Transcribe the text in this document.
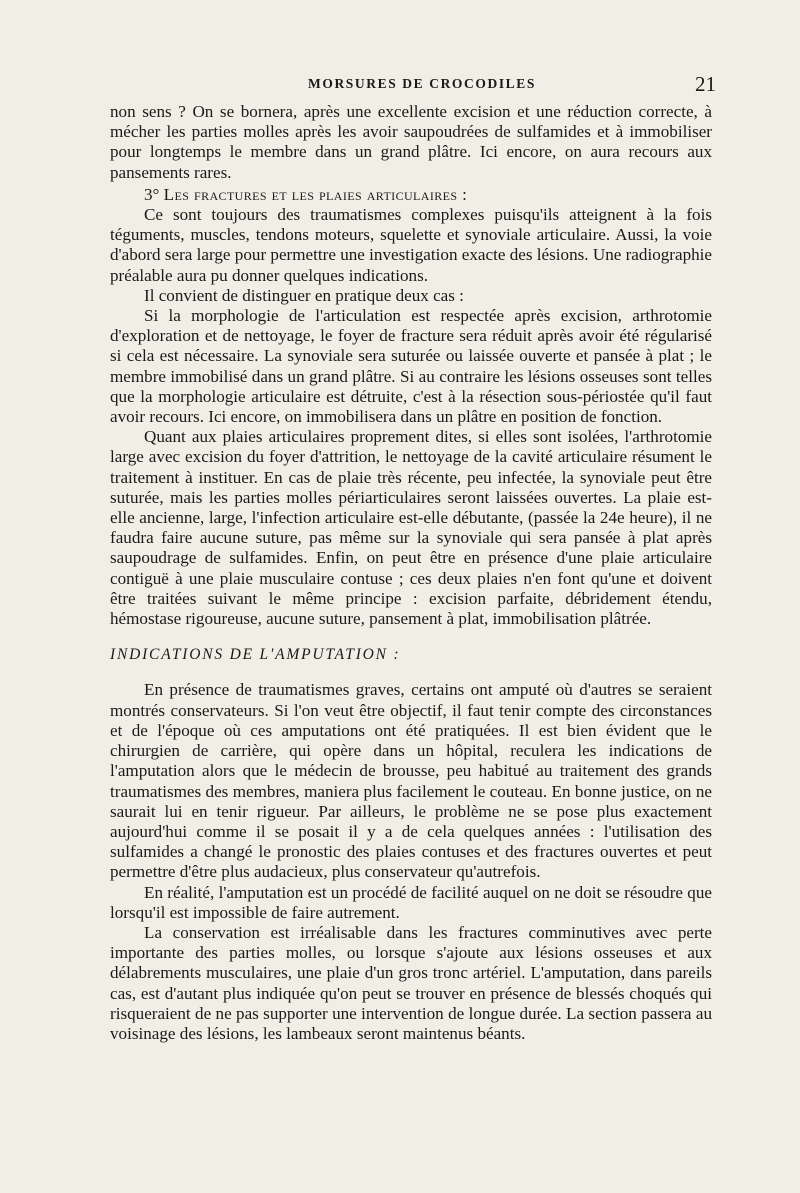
MORSURES DE CROCODILES	21

non sens ? On se bornera, après une excellente excision et une réduction correcte, à mécher les parties molles après les avoir saupoudrées de sulfamides et à immobiliser pour longtemps le membre dans un grand plâtre. Ici encore, on aura recours aux pansements rares.

3° Les fractures et les plaies articulaires :

Ce sont toujours des traumatismes complexes puisqu'ils atteignent à la fois téguments, muscles, tendons moteurs, squelette et synoviale articulaire. Aussi, la voie d'abord sera large pour permettre une investigation exacte des lésions. Une radiographie préalable aura pu donner quelques indications.

Il convient de distinguer en pratique deux cas :

Si la morphologie de l'articulation est respectée après excision, arthrotomie d'exploration et de nettoyage, le foyer de fracture sera réduit après avoir été régularisé si cela est nécessaire. La synoviale sera suturée ou laissée ouverte et pansée à plat ; le membre immobilisé dans un grand plâtre. Si au contraire les lésions osseuses sont telles que la morphologie articulaire est détruite, c'est à la résection sous-périostée qu'il faut avoir recours. Ici encore, on immobilisera dans un plâtre en position de fonction.

Quant aux plaies articulaires proprement dites, si elles sont isolées, l'arthrotomie large avec excision du foyer d'attrition, le nettoyage de la cavité articulaire résument le traitement à instituer. En cas de plaie très récente, peu infectée, la synoviale peut être suturée, mais les parties molles périarticulaires seront laissées ouvertes. La plaie est-elle ancienne, large, l'infection articulaire est-elle débutante, (passée la 24e heure), il ne faudra faire aucune suture, pas même sur la synoviale qui sera pansée à plat après saupoudrage de sulfamides. Enfin, on peut être en présence d'une plaie articulaire contiguë à une plaie musculaire contuse ; ces deux plaies n'en font qu'une et doivent être traitées suivant le même principe : excision parfaite, débridement étendu, hémostase rigoureuse, aucune suture, pansement à plat, immobilisation plâtrée.

INDICATIONS DE L'AMPUTATION :

En présence de traumatismes graves, certains ont amputé où d'autres se seraient montrés conservateurs. Si l'on veut être objectif, il faut tenir compte des circonstances et de l'époque où ces amputations ont été pratiquées. Il est bien évident que le chirurgien de carrière, qui opère dans un hôpital, reculera les indications de l'amputation alors que le médecin de brousse, peu habitué au traitement des grands traumatismes des membres, maniera plus facilement le couteau. En bonne justice, on ne saurait lui en tenir rigueur. Par ailleurs, le problème ne se pose plus exactement aujourd'hui comme il se posait il y a de cela quelques années : l'utilisation des sulfamides a changé le pronostic des plaies contuses et des fractures ouvertes et peut permettre d'être plus audacieux, plus conservateur qu'autrefois.

En réalité, l'amputation est un procédé de facilité auquel on ne doit se résoudre que lorsqu'il est impossible de faire autrement.

La conservation est irréalisable dans les fractures comminutives avec perte importante des parties molles, ou lorsque s'ajoute aux lésions osseuses et aux délabrements musculaires, une plaie d'un gros tronc artériel. L'amputation, dans pareils cas, est d'autant plus indiquée qu'on peut se trouver en présence de blessés choqués qui risqueraient de ne pas supporter une intervention de longue durée. La section passera au voisinage des lésions, les lambeaux seront maintenus béants.
